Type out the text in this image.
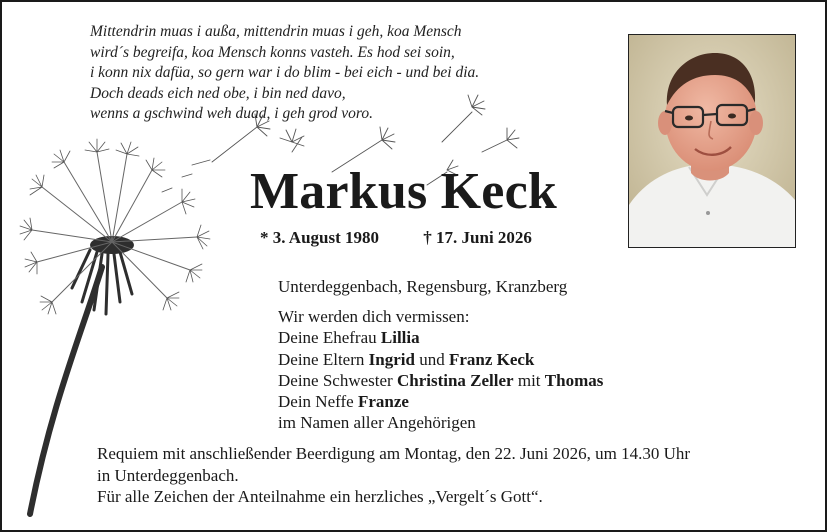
Mittendrin muas i außa, mittendrin muas i geh, koa Mensch
wird´s begreifa, koa Mensch konns vasteh. Es hod sei soin,
i konn nix dafüa, so gern war i do blim - bei eich - und bei dia.
Doch deads eich ned obe, i bin ned davo,
wenns a gschwind weh duad, i geh grod voro.
Markus Keck
* 3. August 1980	† 17. Juni 2026
Unterdeggenbach, Regensburg, Kranzberg
Wir werden dich vermissen:
Deine Ehefrau Lillia
Deine Eltern Ingrid und Franz Keck
Deine Schwester Christina Zeller mit Thomas
Dein Neffe Franze
im Namen aller Angehörigen
Requiem mit anschließender Beerdigung am Montag, den 22. Juni 2026, um 14.30 Uhr
in Unterdeggenbach.
Für alle Zeichen der Anteilnahme ein herzliches „Vergelt´s Gott“.
